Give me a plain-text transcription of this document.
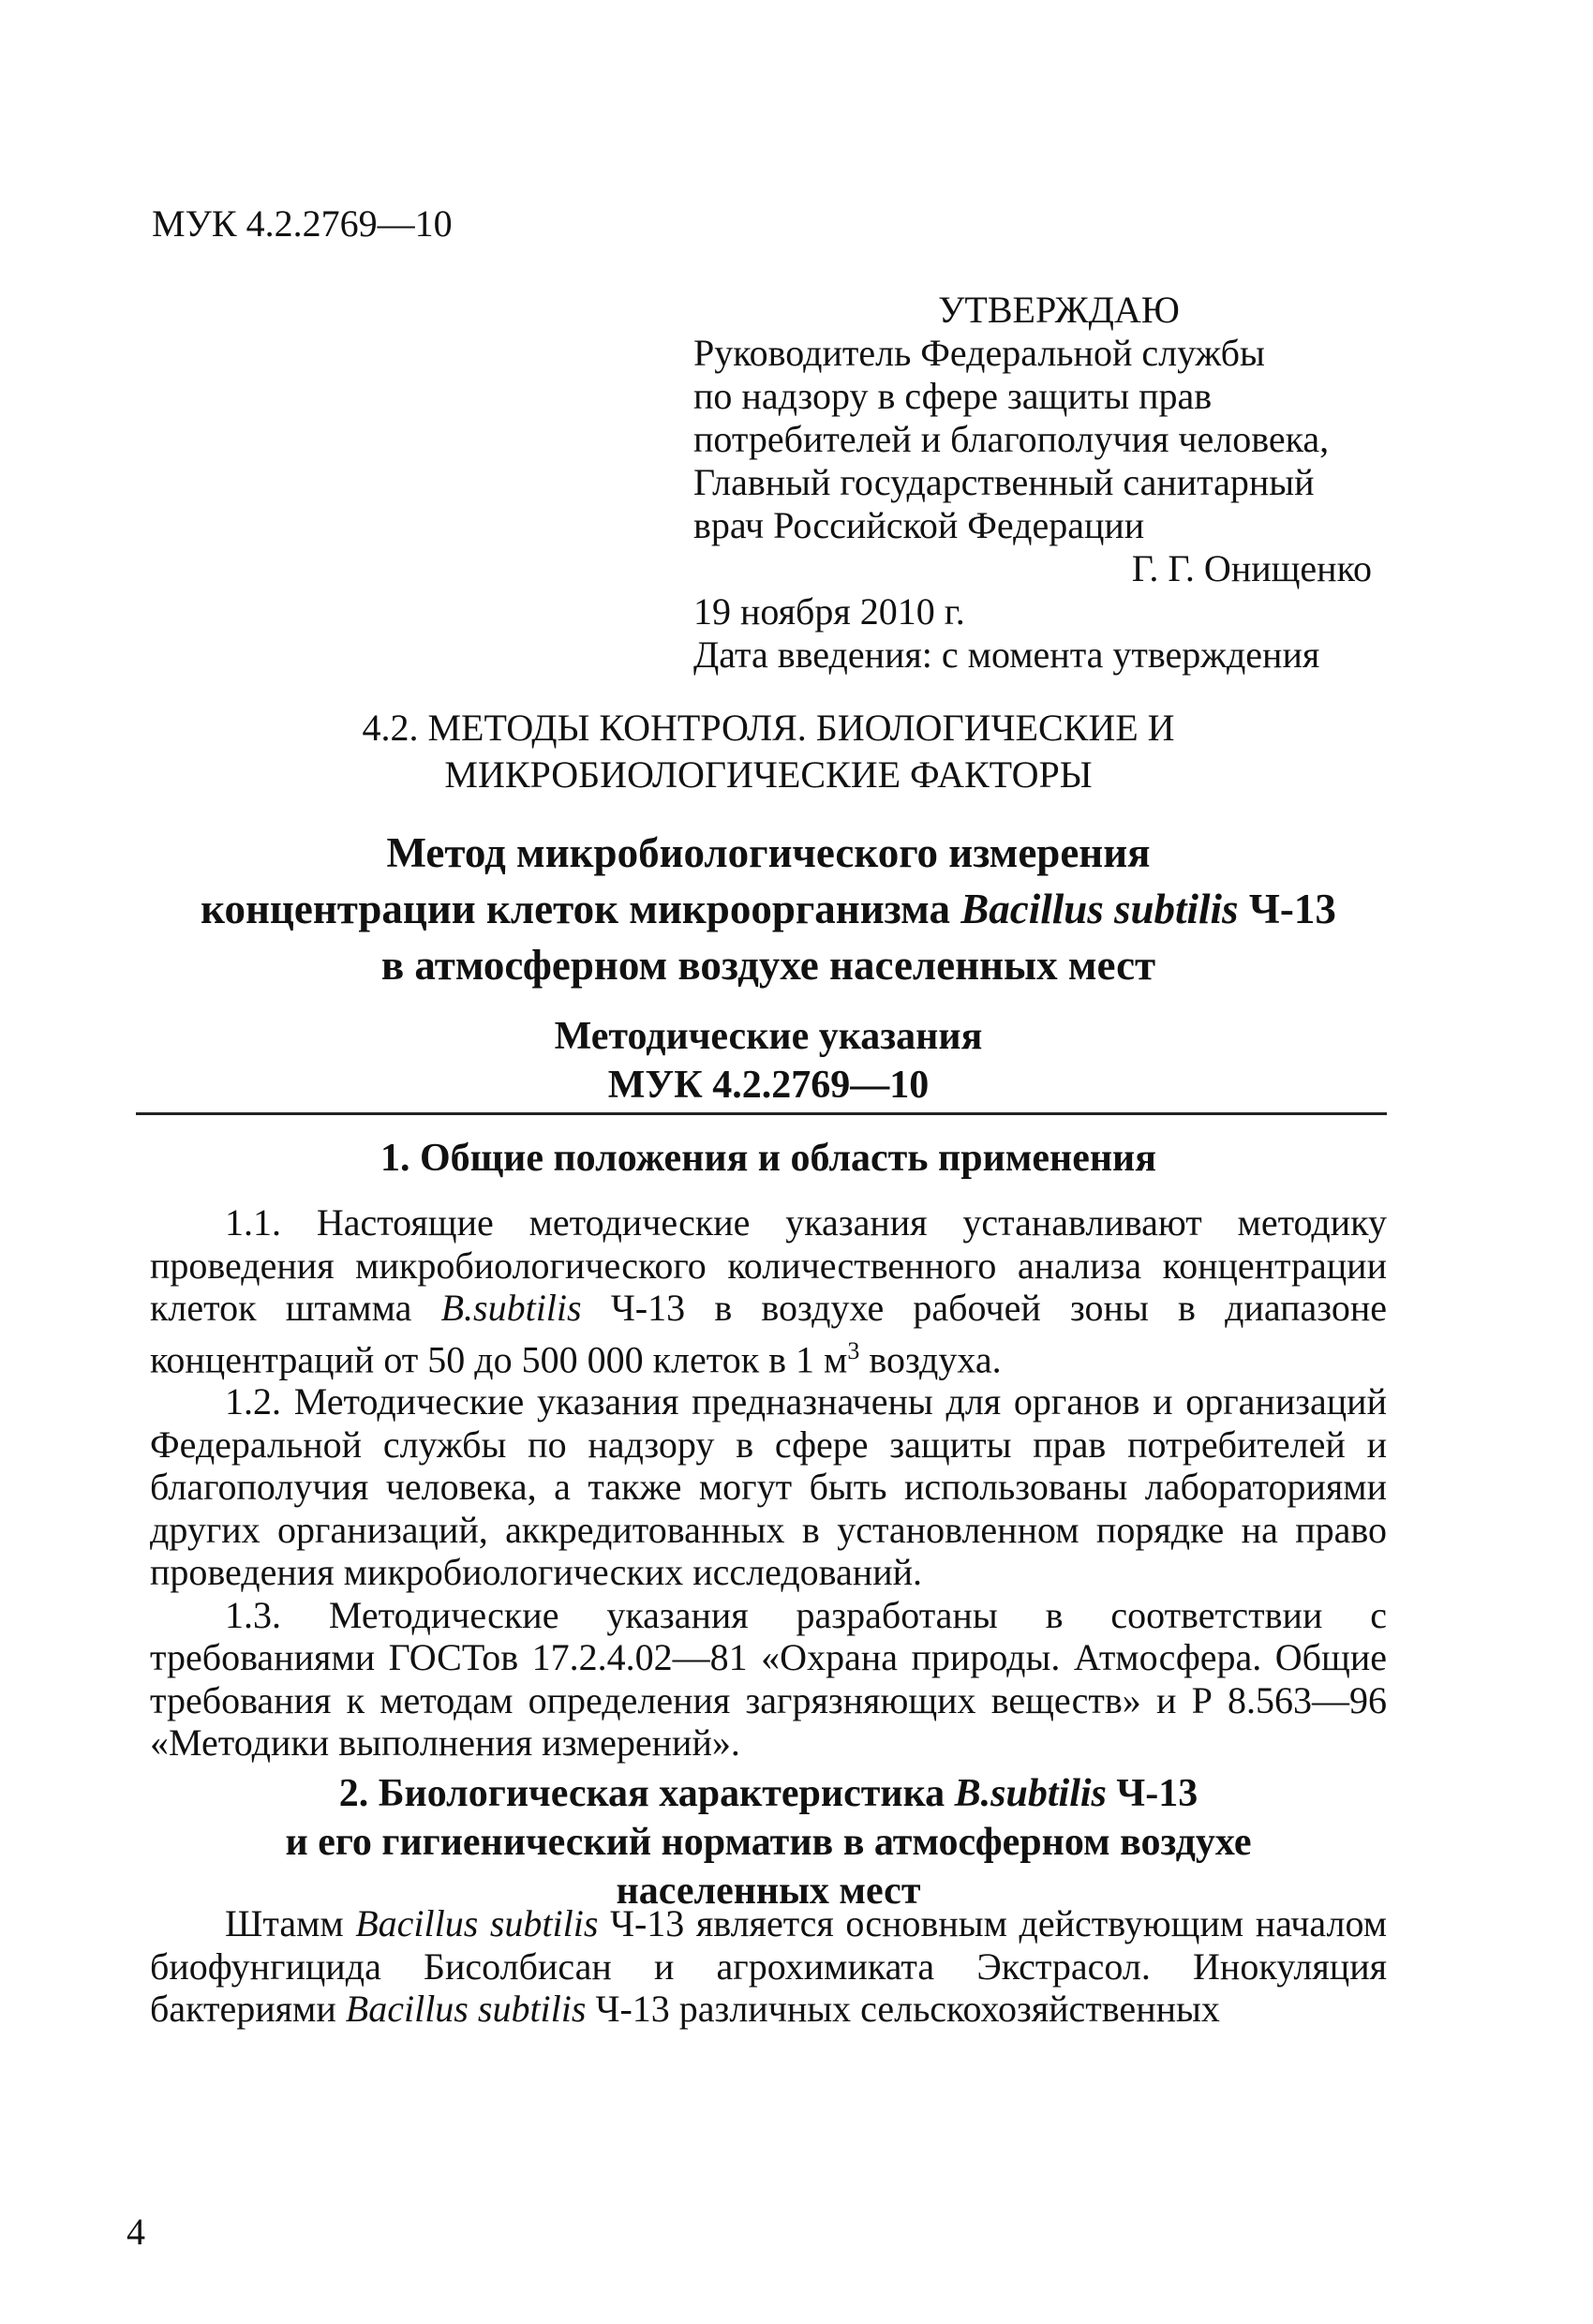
МУК 4.2.2769—10
УТВЕРЖДАЮ
Руководитель Федеральной службы
по надзору в сфере защиты прав
потребителей и благополучия человека,
Главный государственный санитарный
врач Российской Федерации
Г. Г. Онищенко
19 ноября 2010 г.
Дата введения: с момента утверждения
4.2. МЕТОДЫ КОНТРОЛЯ. БИОЛОГИЧЕСКИЕ И
МИКРОБИОЛОГИЧЕСКИЕ ФАКТОРЫ
Метод микробиологического измерения
концентрации клеток микроорганизма Bacillus subtilis Ч-13
в атмосферном воздухе населенных мест
Методические указания
МУК 4.2.2769—10
1. Общие положения и область применения

1.1. Настоящие методические указания устанавливают методику проведения микробиологического количественного анализа концентрации клеток штамма B.subtilis Ч-13 в воздухе рабочей зоны в диапазоне концентраций от 50 до 500 000 клеток в 1 $м^3$ воздуха.

1.2. Методические указания предназначены для органов и организаций Федеральной службы по надзору в сфере защиты прав потребителей и благополучия человека, а также могут быть использованы лабораториями других организаций, аккредитованных в установленном порядке на право проведения микробиологических исследований.

1.3. Методические указания разработаны в соответствии с требованиями ГОСТов 17.2.4.02—81 «Охрана природы. Атмосфера. Общие требования к методам определения загрязняющих веществ» и Р 8.563—96 «Методики выполнения измерений».

2. Биологическая характеристика B.subtilis Ч-13
и его гигиенический норматив в атмосферном воздухе
населенных мест

Штамм Bacillus subtilis Ч-13 является основным действующим началом биофунгицида Бисолбисан и агрохимиката Экстрасол. Инокуляция бактериями Bacillus subtilis Ч-13 различных сельскохозяйственных

4
